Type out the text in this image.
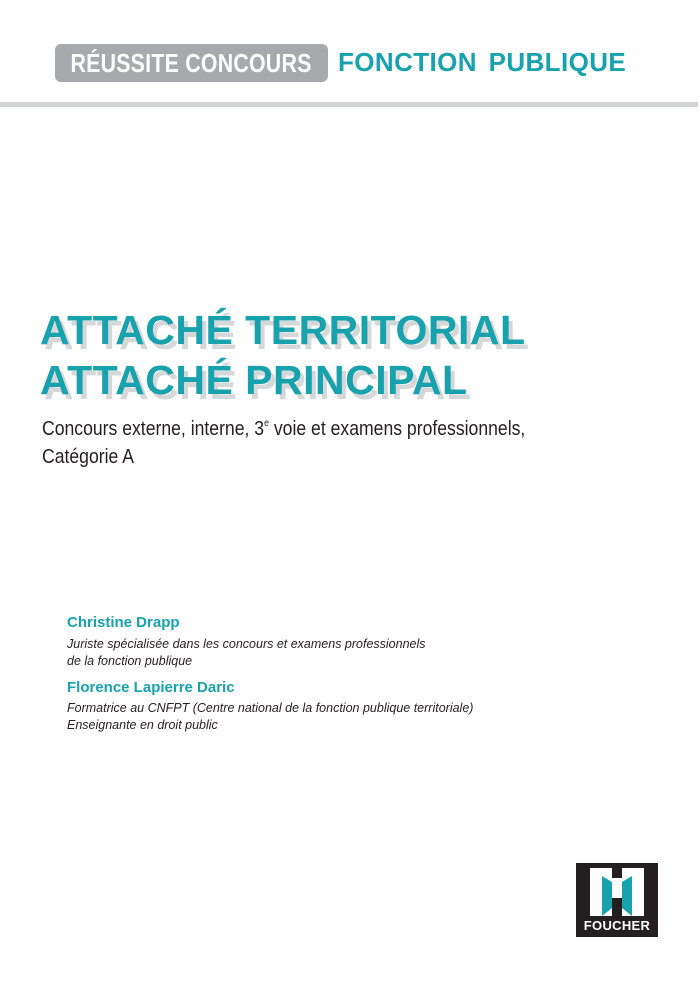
RÉUSSITE CONCOURS FONCTION PUBLIQUE
ATTACHÉ TERRITORIAL
ATTACHÉ PRINCIPAL
Concours externe, interne, 3e voie et examens professionnels,
Catégorie A
Christine Drapp
Juriste spécialisée dans les concours et examens professionnels
de la fonction publique
Florence Lapierre Daric
Formatrice au CNFPT (Centre national de la fonction publique territoriale)
Enseignante en droit public
FOUCHER
